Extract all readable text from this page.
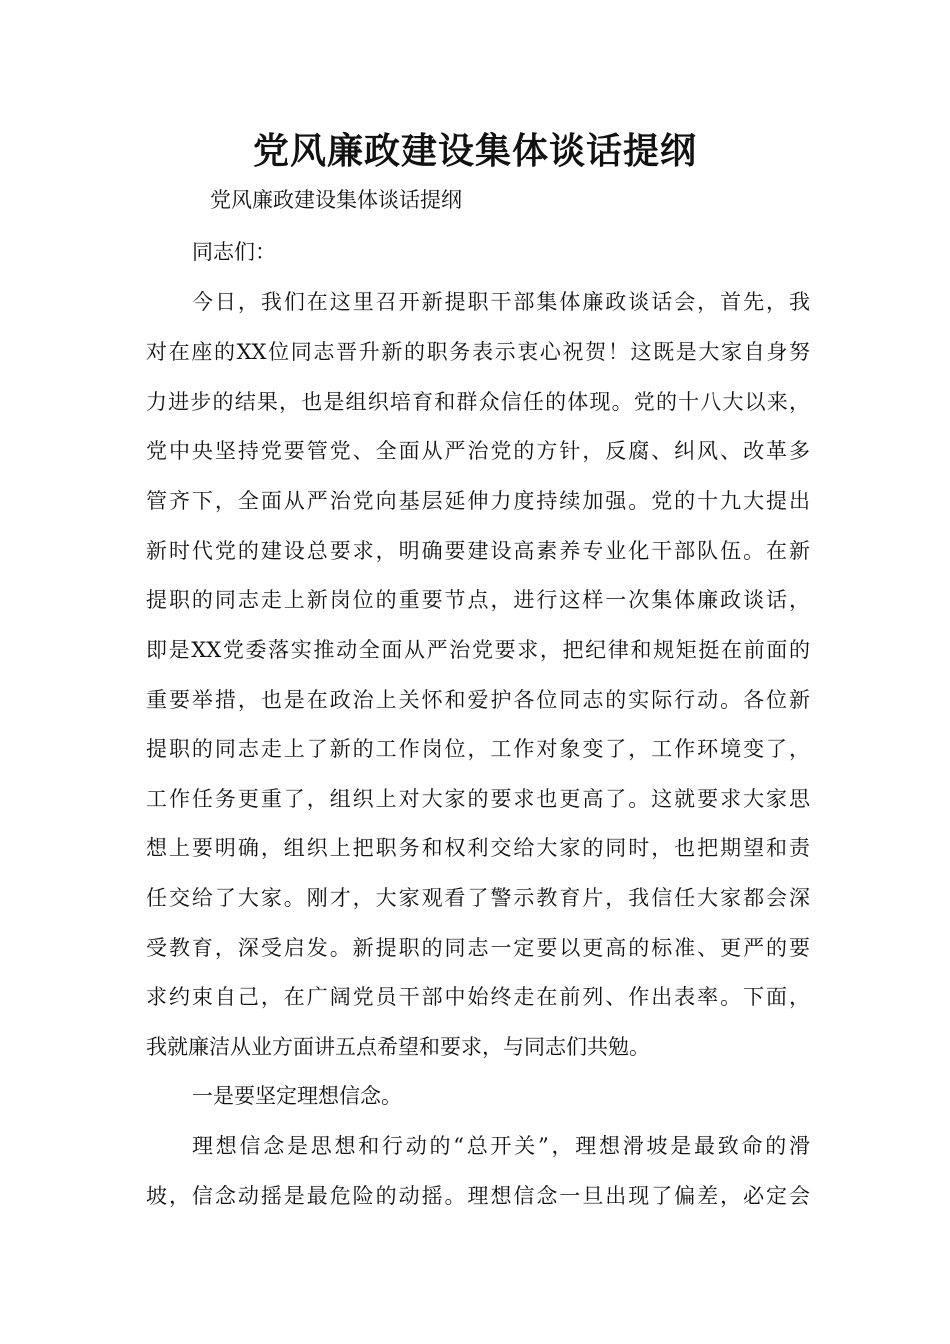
党风廉政建设集体谈话提纲
党风廉政建设集体谈话提纲
同志们：
今日，我们在这里召开新提职干部集体廉政谈话会，首先，我
对在座的XX位同志晋升新的职务表示衷心祝贺！这既是大家自身努
力进步的结果，也是组织培育和群众信任的体现。党的十八大以来，
党中央坚持党要管党、全面从严治党的方针，反腐、纠风、改革多
管齐下，全面从严治党向基层延伸力度持续加强。党的十九大提出
新时代党的建设总要求，明确要建设高素养专业化干部队伍。在新
提职的同志走上新岗位的重要节点，进行这样一次集体廉政谈话，
即是XX党委落实推动全面从严治党要求，把纪律和规矩挺在前面的
重要举措，也是在政治上关怀和爱护各位同志的实际行动。各位新
提职的同志走上了新的工作岗位，工作对象变了，工作环境变了，
工作任务更重了，组织上对大家的要求也更高了。这就要求大家思
想上要明确，组织上把职务和权利交给大家的同时，也把期望和责
任交给了大家。刚才，大家观看了警示教育片，我信任大家都会深
受教育，深受启发。新提职的同志一定要以更高的标准、更严的要
求约束自己，在广阔党员干部中始终走在前列、作出表率。下面，
我就廉洁从业方面讲五点希望和要求，与同志们共勉。
一是要坚定理想信念。
理想信念是思想和行动的“总开关”，理想滑坡是最致命的滑
坡，信念动摇是最危险的动摇。理想信念一旦出现了偏差，必定会
